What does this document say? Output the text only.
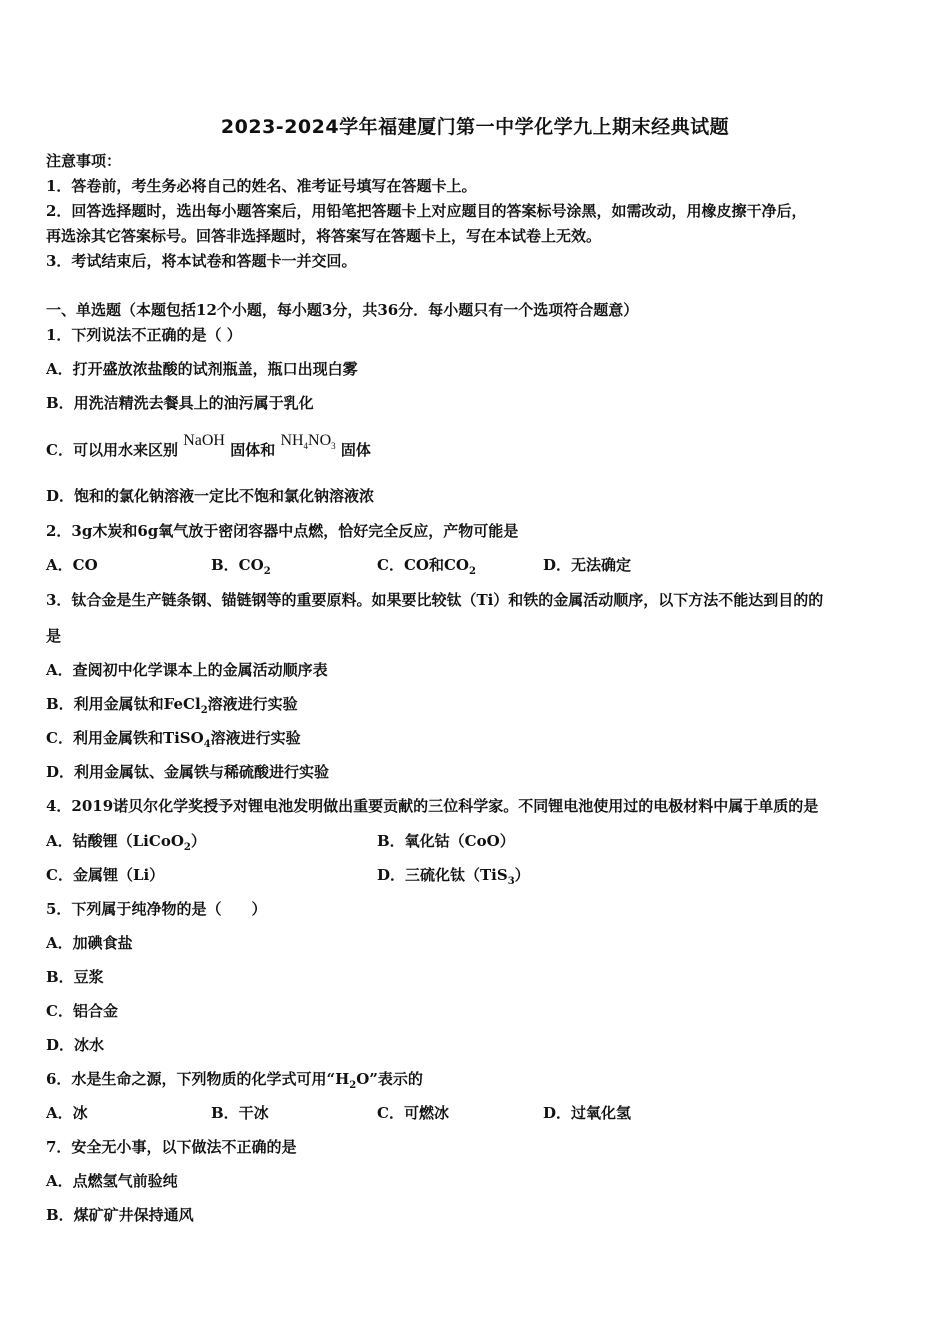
2023-2024学年福建厦门第一中学化学九上期末经典试题
注意事项：
1．答卷前，考生务必将自己的姓名、准考证号填写在答题卡上。
2．回答选择题时，选出每小题答案后，用铅笔把答题卡上对应题目的答案标号涂黑，如需改动，用橡皮擦干净后，
再选涂其它答案标号。回答非选择题时，将答案写在答题卡上，写在本试卷上无效。
3．考试结束后，将本试卷和答题卡一并交回。
一、单选题（本题包括12个小题，每小题3分，共36分．每小题只有一个选项符合题意）
1．下列说法不正确的是（ ）
A．打开盛放浓盐酸的试剂瓶盖，瓶口出现白雾
B．用洗洁精洗去餐具上的油污属于乳化
C．可以用水来区别 NaOH 固体和 $NH_4NO_3$ 固体
D．饱和的氯化钠溶液一定比不饱和氯化钠溶液浓
2．3g木炭和6g氧气放于密闭容器中点燃，恰好完全反应，产物可能是
A．CO	B．$CO_2$	C．CO和$CO_2$	D．无法确定
3．钛合金是生产链条钢、锚链钢等的重要原料。如果要比较钛（Ti）和铁的金属活动顺序，以下方法不能达到目的的
是
A．查阅初中化学课本上的金属活动顺序表
B．利用金属钛和FeCl$_2$溶液进行实验
C．利用金属铁和TiSO$_4$溶液进行实验
D．利用金属钛、金属铁与稀硫酸进行实验
4．2019诺贝尔化学奖授予对锂电池发明做出重要贡献的三位科学家。不同锂电池使用过的电极材料中属于单质的是
A．钴酸锂（LiCoO$_2$）	B．氧化钴（CoO）
C．金属锂（Li）	D．三硫化钛（TiS$_3$）
5．下列属于纯净物的是（　　）
A．加碘食盐
B．豆浆
C．铝合金
D．冰水
6．水是生命之源，下列物质的化学式可用“$H_2O$”表示的
A．冰	B．干冰	C．可燃冰	D．过氧化氢
7．安全无小事，以下做法不正确的是
A．点燃氢气前验纯
B．煤矿矿井保持通风
